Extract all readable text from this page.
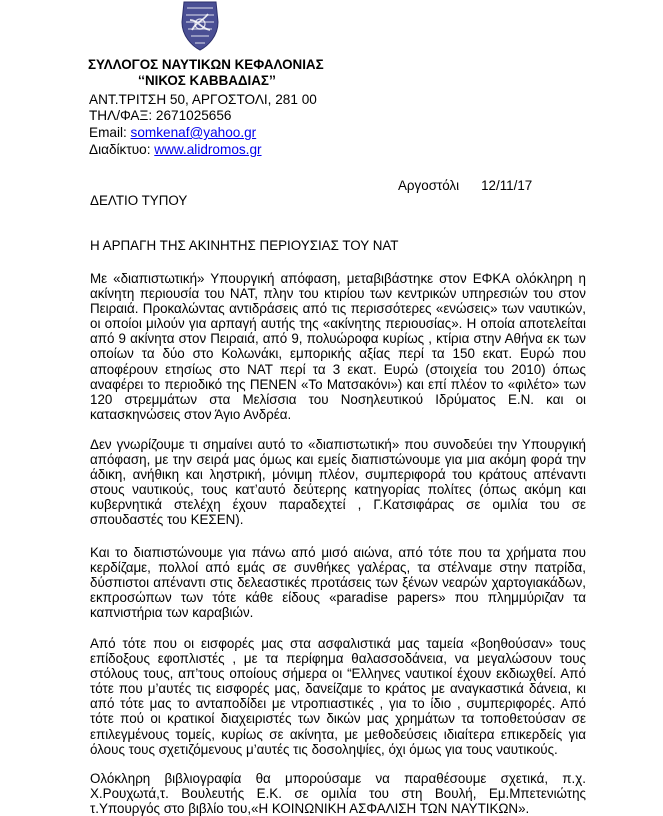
ΣΥΛΛΟΓΟΣ ΝΑΥΤΙΚΩΝ ΚΕΦΑΛΟΝΙΑΣ
‘‘ΝΙΚΟΣ ΚΑΒΒΑΔΙΑΣ’’
ΑΝΤ.ΤΡΙΤΣΗ 50, ΑΡΓΟΣΤΟΛΙ, 281 00
ΤΗΛ/ΦΑΞ: 2671025656
Email: somkenaf@yahoo.gr
Διαδίκτυο: www.alidromos.gr
Αργοστόλι 12/11/17
ΔΕΛΤΙΟ ΤΥΠΟΥ
Η ΑΡΠΑΓΗ ΤΗΣ ΑΚΙΝΗΤΗΣ ΠΕΡΙΟΥΣΙΑΣ ΤΟΥ ΝΑΤ

Με «διαπιστωτική» Υπουργική απόφαση, μεταβιβάστηκε στον ΕΦΚΑ ολόκληρη η ακίνητη περιουσία του ΝΑΤ, πλην του κτιρίου των κεντρικών υπηρεσιών του στον Πειραιά. Προκαλώντας αντιδράσεις από τις περισσότερες «ενώσεις» των ναυτικών, οι οποίοι μιλούν για αρπαγή αυτής της «ακίνητης περιουσίας». Η οποία αποτελείται από 9 ακίνητα στον Πειραιά, από 9, πολυώροφα κυρίως , κτίρια στην Αθήνα εκ των οποίων τα δύο στο Κολωνάκι, εμπορικής αξίας περί τα 150 εκατ. Ευρώ που αποφέρουν ετησίως στο ΝΑΤ περί τα 3 εκατ. Ευρώ (στοιχεία του 2010) όπως αναφέρει το περιοδικό της ΠΕΝΕΝ «Το Ματσακόνι») και επί πλέον το «φιλέτο» των 120 στρεμμάτων στα Μελίσσια του Νοσηλευτικού Ιδρύματος Ε.Ν. και οι κατασκηνώσεις στον Άγιο Ανδρέα.

Δεν γνωρίζουμε τι σημαίνει αυτό το «διαπιστωτική» που συνοδεύει την Υπουργική απόφαση, με την σειρά μας όμως και εμείς διαπιστώνουμε για μια ακόμη φορά την άδικη, ανήθικη και ληστρική, μόνιμη πλέον, συμπεριφορά του κράτους απέναντι στους ναυτικούς, τους κατ’αυτό δεύτερης κατηγορίας πολίτες (όπως ακόμη και κυβερνητικά στελέχη έχουν παραδεχτεί , Γ.Κατσιφάρας σε ομιλία του σε σπουδαστές του ΚΕΣΕΝ).

Και το διαπιστώνουμε για πάνω από μισό αιώνα, από τότε που τα χρήματα που κερδίζαμε, πολλοί από εμάς σε συνθήκες γαλέρας, τα στέλναμε στην πατρίδα, δύσπιστοι απέναντι στις δελεαστικές προτάσεις των ξένων νεαρών χαρτογιακάδων, εκπροσώπων των τότε κάθε είδους «paradise papers» που πλημμύριζαν τα καπνιστήρια των καραβιών.

Από τότε που οι εισφορές μας στα ασφαλιστικά μας ταμεία «βοηθούσαν» τους επίδοξους εφοπλιστές , με τα περίφημα θαλασσοδάνεια, να μεγαλώσουν τους στόλους τους, απ’τους οποίους σήμερα οι “Ελληνες ναυτικοί έχουν εκδιωχθεί. Από τότε που μ’αυτές τις εισφορές μας, δανείζαμε το κράτος με αναγκαστικά δάνεια, κι από τότε μας το ανταποδίδει με ντροπιαστικές , για το ίδιο , συμπεριφορές. Από τότε πού οι κρατικοί διαχειριστές των δικών μας χρημάτων τα τοποθετούσαν σε επιλεγμένους τομείς, κυρίως σε ακίνητα, με μεθοδεύσεις ιδιαίτερα επικερδείς για όλους τους σχετιζόμενους μ’αυτές τις δοσοληψίες, όχι όμως για τους ναυτικούς.

Ολόκληρη βιβλιογραφία θα μπορούσαμε να παραθέσουμε σχετικά, π.χ. Χ.Ρουχωτά,τ. Βουλευτής Ε.Κ. σε ομιλία του στη Βουλή, Εμ.Μπετενιώτης τ.Υπουργός στο βιβλίο του,«Η ΚΟΙΝΩΝΙΚΗ ΑΣΦΑΛΙΣΗ ΤΩΝ ΝΑΥΤΙΚΩΝ».
